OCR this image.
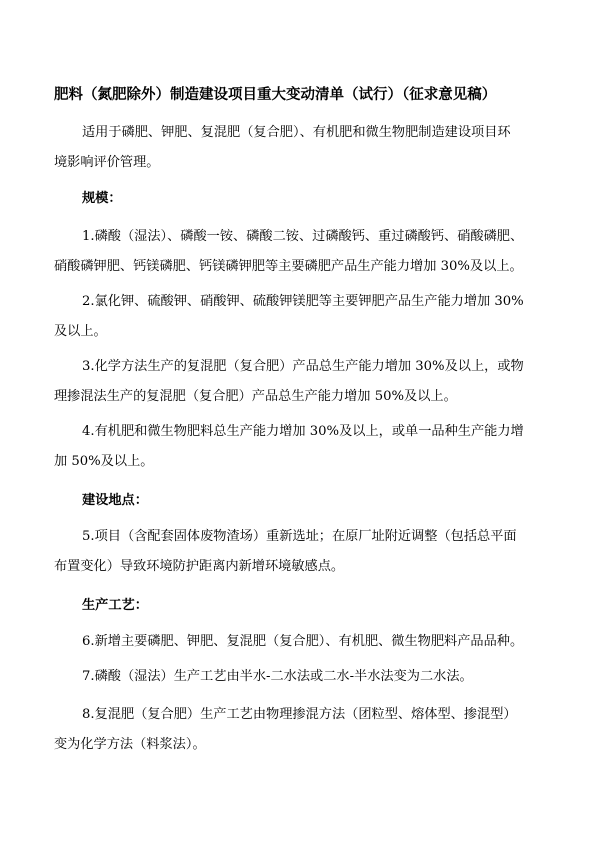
肥料（氮肥除外）制造建设项目重大变动清单（试行）（征求意见稿）
适用于磷肥、钾肥、复混肥（复合肥）、有机肥和微生物肥制造建设项目环
境影响评价管理。
规模：
1.磷酸（湿法）、磷酸一铵、磷酸二铵、过磷酸钙、重过磷酸钙、硝酸磷肥、
硝酸磷钾肥、钙镁磷肥、钙镁磷钾肥等主要磷肥产品生产能力增加 30%及以上。
2.氯化钾、硫酸钾、硝酸钾、硫酸钾镁肥等主要钾肥产品生产能力增加 30%
及以上。
3.化学方法生产的复混肥（复合肥）产品总生产能力增加 30%及以上，或物
理掺混法生产的复混肥（复合肥）产品总生产能力增加 50%及以上。
4.有机肥和微生物肥料总生产能力增加 30%及以上，或单一品种生产能力增
加 50%及以上。
建设地点：
5.项目（含配套固体废物渣场）重新选址；在原厂址附近调整（包括总平面
布置变化）导致环境防护距离内新增环境敏感点。
生产工艺：
6.新增主要磷肥、钾肥、复混肥（复合肥）、有机肥、微生物肥料产品品种。
7.磷酸（湿法）生产工艺由半水-二水法或二水-半水法变为二水法。
8.复混肥（复合肥）生产工艺由物理掺混方法（团粒型、熔体型、掺混型）
变为化学方法（料浆法）。
